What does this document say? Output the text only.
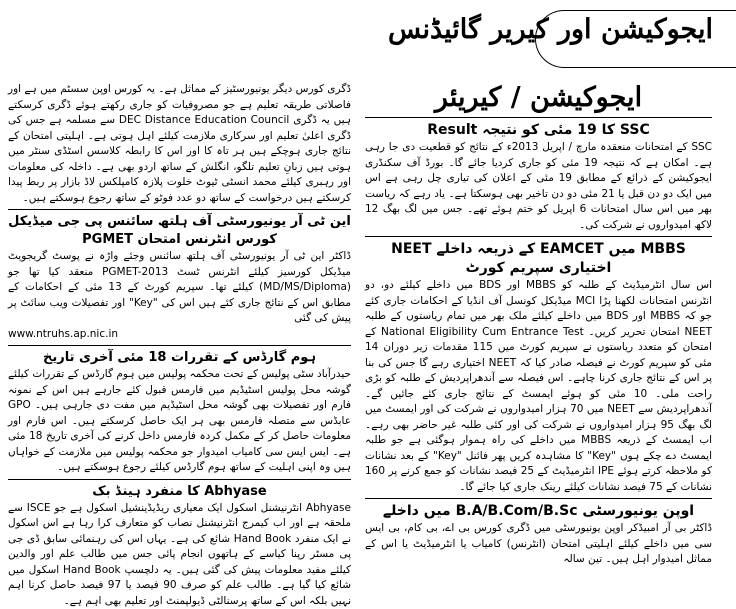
ایجوکیشن اور کیریر گائیڈنس
ایجوکیشن / کیریئر
SSC کا 19 مئی کو نتیجہ Result

SSC کے امتحانات منعقدہ مارچ / اپریل 2013ء کے نتائج کو قطعیت دی جا رہی ہے۔ امکان ہے کہ نتیجہ 19 مئی کو جاری کردیا جائے گا۔ بورڈ آف سکنڈری ایجوکیشن کے ذرائع کے مطابق 19 مئی کے اعلان کی تیاری چل رہی ہے اس میں ایک دو دن قبل یا 21 مئی دو دن تاخیر بھی ہوسکتا ہے۔ یاد رہے کہ ریاست بھر میں اس سال امتحانات 6 اپریل کو ختم ہوئے تھے۔ جس میں لگ بھگ 12 لاکھ امیدواروں نے شرکت کی۔

MBBS میں EAMCET کے ذریعہ داخلے NEET اختیاری سپریم کورٹ

اس سال انٹرمیڈیٹ کے طلبہ کو MBBS اور BDS میں داخلے کیلئے دو، دو انٹرنس امتحانات لکھنا پڑا MCI میڈیکل کونسل آف انڈیا کے احکامات جاری کئے جو کہ MBBS اور BDS میں داخلے کیلئے ملک بھر میں تمام ریاستوں کے طلبہ NEET امتحان تحریر کریں۔ National Eligibility Cum Entrance Test کے امتحان کو متعدد ریاستوں نے سپریم کورٹ میں 115 مقدمات زیر دوران 14 مئی کو سپریم کورٹ نے فیصلہ صادر کیا کہ NEET اختیاری رہے گا جس کی بنا پر اس کے نتائج جاری کرنا چاہے۔ اس فیصلہ سے آندھراپردیش کے طلبہ کو بڑی راحت ملی۔ 10 مئی کو ہوئے ایمسٹ کے نتائج جاری کئے جائیں گے۔ آندھراپردیش سے NEET میں 70 ہزار امیدواروں نے شرکت کی اور ایمسٹ میں لگ بھگ 95 ہزار امیدواروں نے شرکت کی اور کئی طلبہ غیر حاضر بھی رہے۔ اب ایمسٹ کے ذریعہ MBBS میں داخلے کی راہ ہموار ہوگئی ہے جو طلبہ ایمسٹ دے چکے ہوں "Key" کا مشاہدہ کریں پھر فائنل "Key" کے بعد نشانات کو ملاحظہ کرتے ہوئے IPE انٹرمیڈیٹ کے 25 فیصد نشانات کو جمع کرنے پر 160 نشانات کے 75 فیصد نشانات کیلئے رینک جاری کیا جائے گا۔

اوپن یونیورسٹی B.A/B.Com/B.Sc میں داخلے

ڈاکٹر بی آر امبیڈکر اوپن یونیورسٹی میں ڈگری کورس بی اے، بی کام، بی ایس سی میں داخلے کیلئے اہلیتی امتحان (انٹرنس) کامیاب یا انٹرمیڈیٹ یا اس کے مماثل امیدوار اہل ہیں۔ تین سالہ

ڈگری کورس دیگر یونیورسٹیز کے مماثل ہے۔ یہ کورس اوپن سسٹم میں ہے اور فاصلاتی طریقہ تعلیم ہے جو مصروفیات کو جاری رکھتے ہوئے ڈگری کرسکتے ہیں یہ ڈگری DEC Distance Education Council سے مسلمہ ہے جس کی ڈگری اعلیٰ تعلیم اور سرکاری ملازمت کیلئے اہل ہوتی ہے۔ اہلیتی امتحان کے نتائج جاری ہوچکے ہیں ہر تاہ کا اور اس کا رابطہ کلاسس اسٹڈی سنٹر میں ہوتی ہیں زبانِ تعلیم تلگو، انگلش کے ساتھ اردو بھی ہے۔ داخلہ کی معلومات اور رہبری کیلئے محمد انسٹی ٹیوٹ خلوت پلازہ کامپلکس لاڈ بازار پر ربط پیدا کرسکتے ہیں درخواست کے ساتھ دو عدد فوٹو کے ساتھ رجوع ہوسکتے ہیں۔

این ٹی آر یونیورسٹی آف ہلتھ سائنس پی جی میڈیکل کورس انٹرنس امتحان PGMET

ڈاکٹر این ٹی آر یونیورسٹی آف ہلتھ سائنس وجئے واڑہ نے پوسٹ گریجویٹ میڈیکل کورسیز کیلئے انٹرنس ٹسٹ PGMET-2013 منعقد کیا تھا جو (MD/MS/Diploma) کیلئے تھا۔ سپریم کورٹ کے 13 مئی کے احکامات کے مطابق اس کے نتائج جاری کئے ہیں اس کی "Key" اور تفصیلات ویب سائٹ پر پیش کی گئی

www.ntruhs.ap.nic.in
ہوم گارڈس کے تقررات 18 مئی آخری تاریخ

حیدرآباد سٹی پولیس کے تحت محکمہ پولیس میں ہوم گارڈس کے تقررات کیلئے گوشہ محل پولیس اسٹیڈیم میں فارمس قبول کئے جارہے ہیں اس کے نمونہ فارم اور تفصیلات بھی گوشہ محل اسٹیڈیم میں مفت دی جارہی ہیں۔ GPO عابڈس سے متصلہ فارمس بھی ہر ایک حاصل کرسکتے ہیں۔ اس فارم اور معلومات حاصل کر کے مکمل کردہ فارمس داخل کرنے کی آخری تاریخ 18 مئی ہے۔ ایس ایس سی کامیاب امیدوار جو محکمہ پولیس میں ملازمت کے خواہاں ہیں وہ اپنی اہلیت کے ساتھ ہوم گارڈس کیلئے رجوع ہوسکتے ہیں۔

Abhyase کا منفرد ہینڈ بک

Abhyase انٹرنیشنل اسکول ایک معیاری ریڈیڈینشیل اسکول ہے جو ISCE سے ملحقہ ہے اور اب کیمرج انٹرنیشنل نصاب کو متعارف کرا رہا ہے اس اسکول نے ایک منفرد Hand Book شائع کی ہے۔ یہاں اس کی رہنمائی سابق ڈی جی پی مسٹر رپنا کیاسے کے ہاتھوں انجام پائی جس میں طالب علم اور والدین کیلئے مفید معلومات پیش کی گئی ہیں۔ یہ دلچسپ Hand Book اسکول میں شائع کیا گیا ہے۔ طالب علم کو صرف 90 فیصد یا 97 فیصد حاصل کرنا اہم نہیں بلکہ اس کے ساتھ پرسنالٹی ڈیولپمنٹ اور تعلیم بھی اہم ہے۔
